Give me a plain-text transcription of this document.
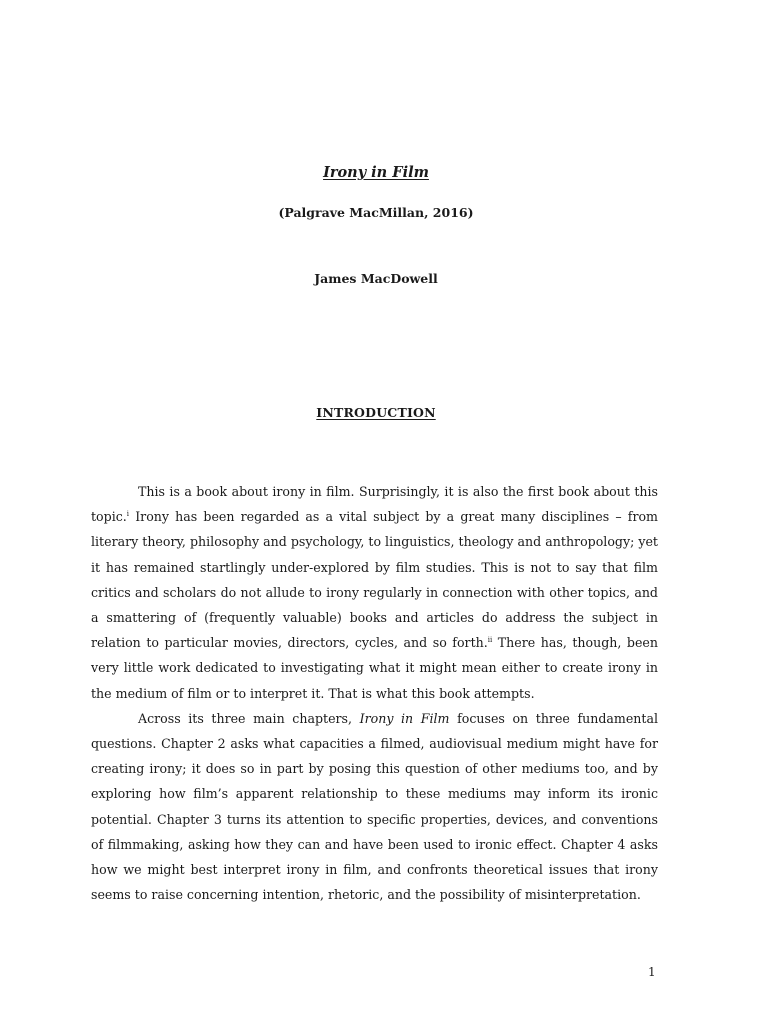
Irony in Film
(Palgrave MacMillan, 2016)
James MacDowell
INTRODUCTION

This is a book about irony in film. Surprisingly, it is also the first book about this topic.$^i$ Irony has been regarded as a vital subject by a great many disciplines – from literary theory, philosophy and psychology, to linguistics, theology and anthropology; yet it has remained startlingly under-explored by film studies. This is not to say that film critics and scholars do not allude to irony regularly in connection with other topics, and a smattering of (frequently valuable) books and articles do address the subject in relation to particular movies, directors, cycles, and so forth.$^{ii}$ There has, though, been very little work dedicated to investigating what it might mean either to create irony in the medium of film or to interpret it. That is what this book attempts.

Across its three main chapters, Irony in Film focuses on three fundamental questions. Chapter 2 asks what capacities a filmed, audiovisual medium might have for creating irony; it does so in part by posing this question of other mediums too, and by exploring how film’s apparent relationship to these mediums may inform its ironic potential. Chapter 3 turns its attention to specific properties, devices, and conventions of filmmaking, asking how they can and have been used to ironic effect. Chapter 4 asks how we might best interpret irony in film, and confronts theoretical issues that irony seems to raise concerning intention, rhetoric, and the possibility of misinterpretation.

1
